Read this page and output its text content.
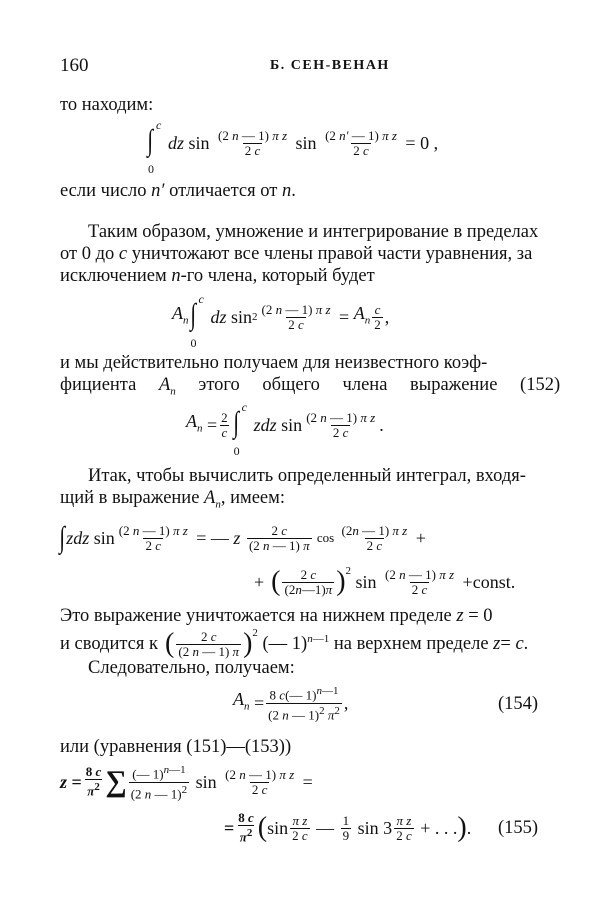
160	Б. СЕН-ВЕНАН
то находим:
c
∫
0
dz $\sin \frac{\text{(2 n — 1) π z}}{2 c}$ $\sin \frac{\text{(2 n′ — 1) π z}}{2 c} = 0$ ,
если число n′ отличается от n.
Таким образом, умножение и интегрирование в пределах
от 0 до c уничтожают все члены правой части уравнения, за
исключением n-го члена, который будет
$A_n$
c
∫
0
dz $\sin 2 \frac{\text{(2 n — 1) π z}}{2 c} = A_n \frac{c}{2}$ ,
и мы действительно получаем для неизвестного коэф-
фициента $A_n$ этого общего члена выражение (152)
$A_n = \frac{2}{c}$
c
∫
0
zdz $\sin \frac{\text{(2 n — 1) π z}}{2 c}$ .
Итак, чтобы вычислить определенный интеграл, входя-
щий в выражение $A_n$, имеем:
∫ zdz $\sin \frac{\text{(2 n — 1) π z}}{2 c}$ = — z
$\frac{2 c}{(2 n — 1) \pi}$ $\cos \frac{\text{(2n — 1) π z}}{2 c}$ +
+ ( $\frac{2 c}{(2n—1)\pi} )^2$
$\sin \frac{\text{(2 n — 1) π z}}{2 c}$ + const .
Это выражение уничтожается на нижнем пределе z = 0
и сводится к ( $\frac{2 c}{(2 n — 1) \pi} )^2$
(— 1) $_{n—1}$
на верхнем пределе
z = c .
Следовательно, получаем:
$A_n = \frac{8 c(— 1)^{n—1}}{(2 n — 1)^2 \pi^2}$ ,	(154)
или (уравнения (151)—(153))
z
= $\frac{8 c}{\pi^2}$ ∑ $\frac{(— 1)^{n—1}}{(2 n — 1)^2}$ $\sin \frac{\text{(2 n — 1) π z}}{2 c}$ =
= $\frac{8 c}{\pi^2}$ ( $\sin \frac{\text{π z}}{2 c}$ — $\frac{1}{9}$ $\sin 3 \frac{\text{π z}}{2 c}$ + . . . ) . (155)
